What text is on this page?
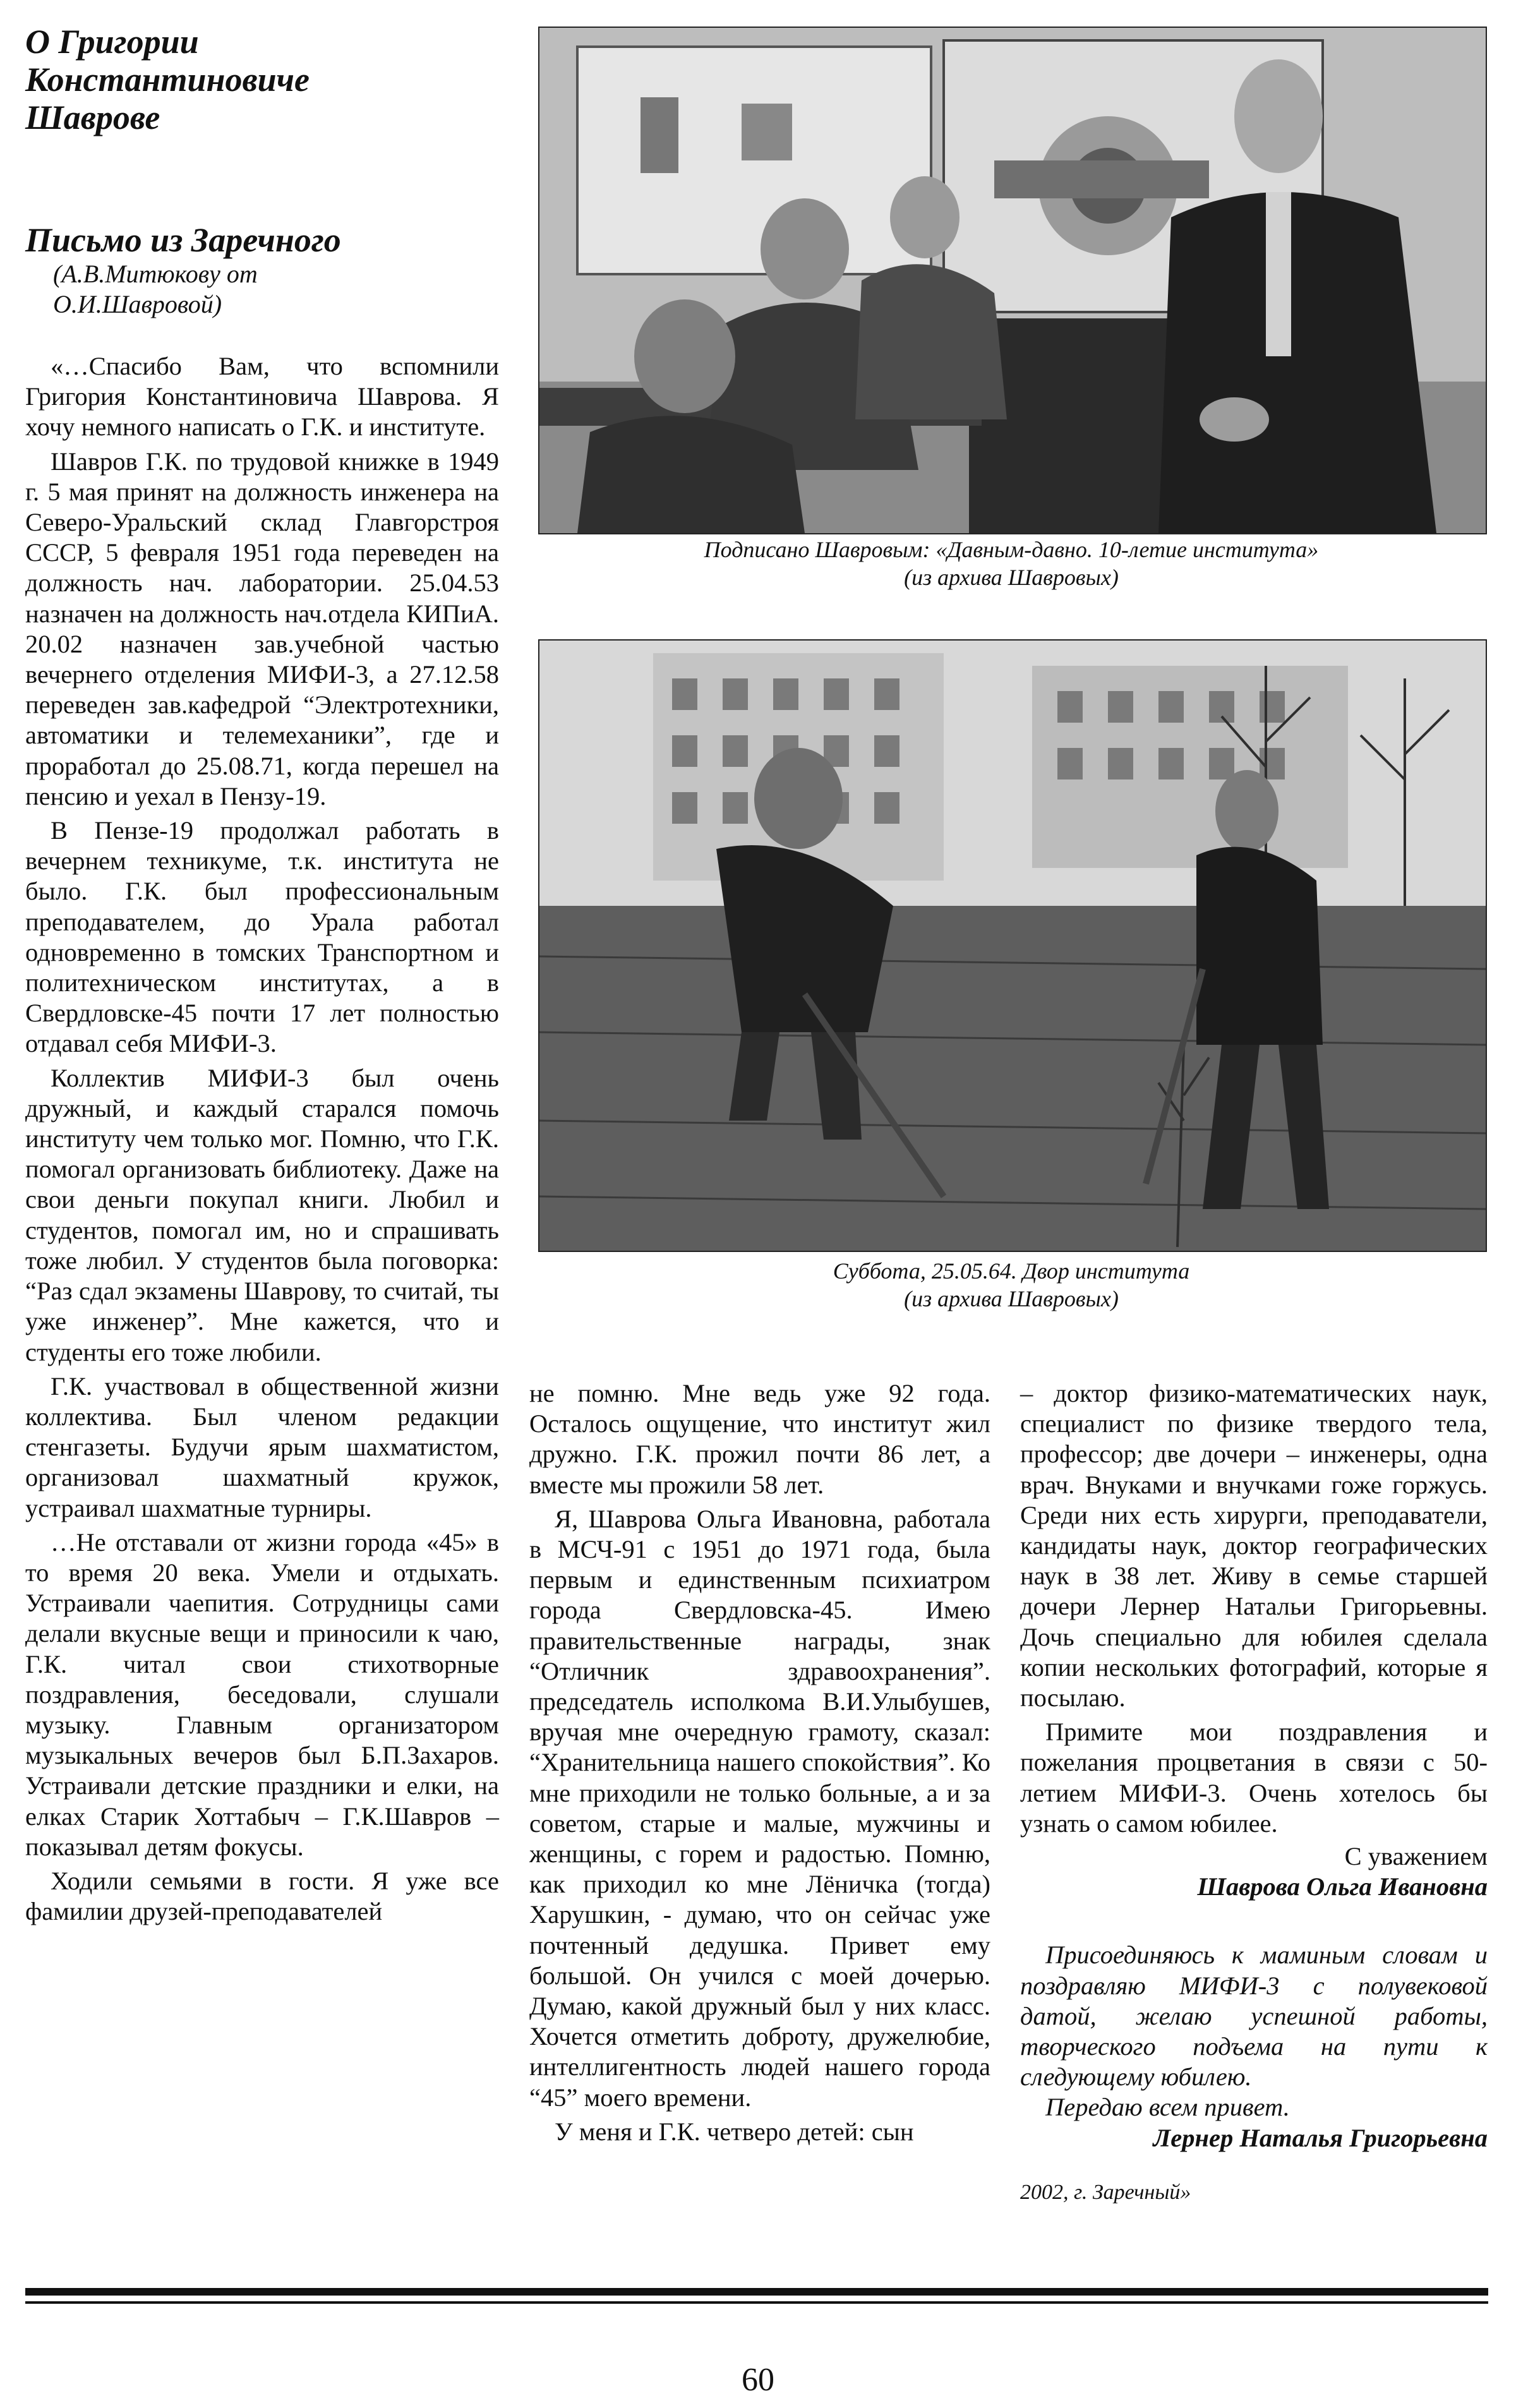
О Григории Константиновиче Шаврове
Письмо из Заречного
(А.В.Митюкову от О.И.Шавровой)
Подписано Шавровым: «Давным-давно. 10-летие института»
(из архива Шавровых)
Суббота, 25.05.64. Двор института
(из архива Шавровых)

«…Спасибо Вам, что вспомнили Григория Константиновича Шаврова. Я хочу немного написать о Г.К. и институте.

Шавров Г.К. по трудовой книжке в 1949 г. 5 мая принят на должность инженера на Северо-Уральский склад Главгорстроя СССР, 5 февраля 1951 года переведен на должность нач. лаборатории. 25.04.53 назначен на должность нач.отдела КИПиА. 20.02 назначен зав.учебной частью вечернего отделения МИФИ-3, а 27.12.58 переведен зав.кафедрой “Электротехники, автоматики и телемеханики”, где и проработал до 25.08.71, когда перешел на пенсию и уехал в Пензу-19.

В Пензе-19 продолжал работать в вечернем техникуме, т.к. института не было. Г.К. был профессиональным преподавателем, до Урала работал одновременно в томских Транспортном и политехническом институтах, а в Свердловске-45 почти 17 лет полностью отдавал себя МИФИ-3.

Коллектив МИФИ-3 был очень дружный, и каждый старался помочь институту чем только мог. Помню, что Г.К. помогал организовать библиотеку. Даже на свои деньги покупал книги. Любил и студентов, помогал им, но и спрашивать тоже любил. У студентов была поговорка: “Раз сдал экзамены Шаврову, то считай, ты уже инженер”. Мне кажется, что и студенты его тоже любили.

Г.К. участвовал в общественной жизни коллектива. Был членом редакции стенгазеты. Будучи ярым шахматистом, организовал шахматный кружок, устраивал шахматные турниры.

…Не отставали от жизни города «45» в то время 20 века. Умели и отдыхать. Устраивали чаепития. Сотрудницы сами делали вкусные вещи и приносили к чаю, Г.К. читал свои стихотворные поздравления, беседовали, слушали музыку. Главным организатором музыкальных вечеров был Б.П.Захаров. Устраивали детские праздники и елки, на елках Старик Хоттабыч – Г.К.Шавров – показывал детям фокусы.

Ходили семьями в гости. Я уже все фамилии друзей-преподавателей

не помню. Мне ведь уже 92 года. Осталось ощущение, что институт жил дружно. Г.К. прожил почти 86 лет, а вместе мы прожили 58 лет.

Я, Шаврова Ольга Ивановна, работала в МСЧ-91 с 1951 до 1971 года, была первым и единственным психиатром города Свердловска-45. Имею правительственные награды, знак “Отличник здравоохранения”. председатель исполкома В.И.Улыбушев, вручая мне очередную грамоту, сказал: “Хранительница нашего спокойствия”. Ко мне приходили не только больные, а и за советом, старые и малые, мужчины и женщины, с горем и радостью. Помню, как приходил ко мне Лёничка (тогда) Харушкин, - думаю, что он сейчас уже почтенный дедушка. Привет ему большой. Он учился с моей дочерью. Думаю, какой дружный был у них класс. Хочется отметить доброту, дружелюбие, интеллигентность людей нашего города “45” моего времени.

У меня и Г.К. четверо детей: сын

– доктор физико-математических наук, специалист по физике твердого тела, профессор; две дочери – инженеры, одна врач. Внуками и внучками гоже горжусь. Среди них есть хирурги, преподаватели, кандидаты наук, доктор географических наук в 38 лет. Живу в семье старшей дочери Лернер Натальи Григорьевны. Дочь специально для юбилея сделала копии нескольких фотографий, которые я посылаю.

Примите мои поздравления и пожелания процветания в связи с 50-летием МИФИ-3. Очень хотелось бы узнать о самом юбилее.

С уважением
Шаврова Ольга Ивановна
Присоединяюсь к маминым словам и поздравляю МИФИ-3 с полувековой датой, желаю успешной работы, творческого подъема на пути к следующему юбилею.
Передаю всем привет.
Лернер Наталья Григорьевна
2002, г. Заречный»
60
